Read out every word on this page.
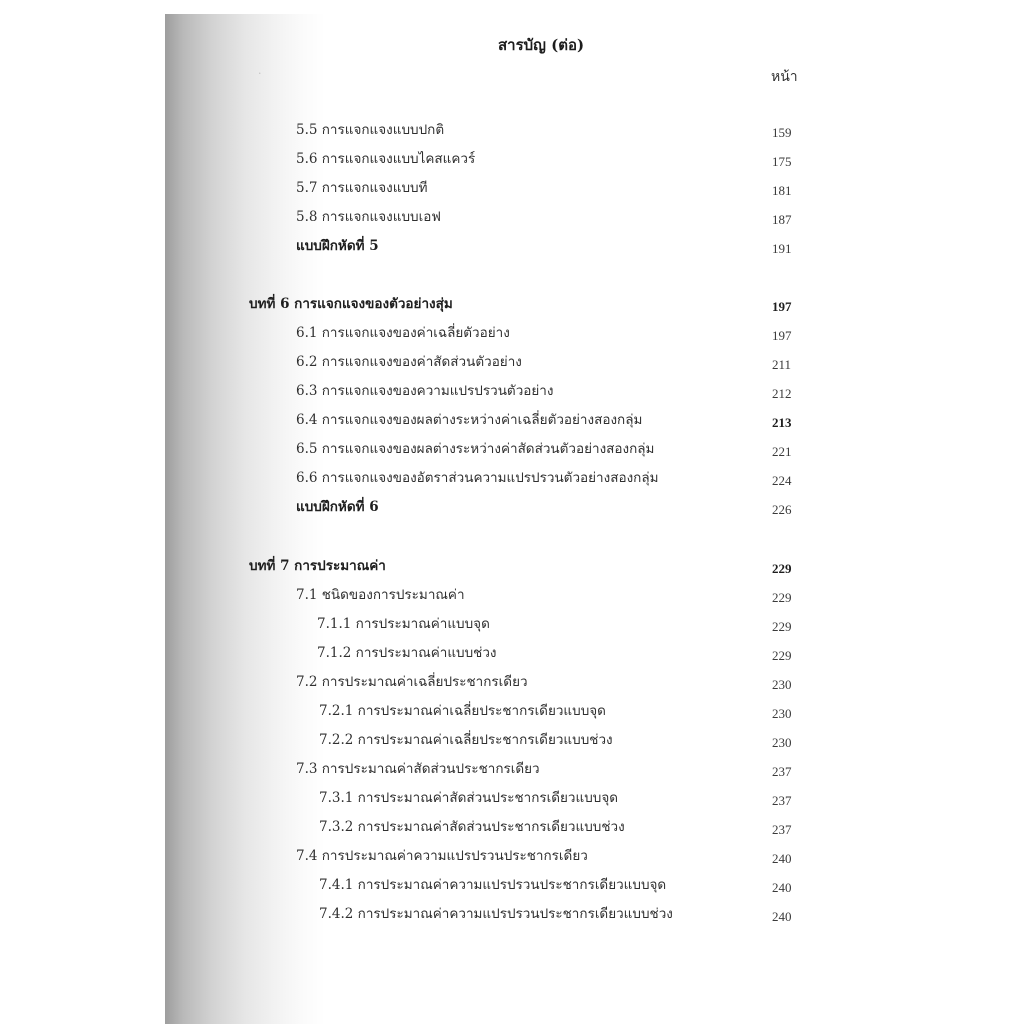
·
สารบัญ (ต่อ)
หน้า
5.5 การแจกแจงแบบปกติ	159
5.6 การแจกแจงแบบไคสแควร์	175
5.7 การแจกแจงแบบที	181
5.8 การแจกแจงแบบเอฟ	187
แบบฝึกหัดที่ 5	191
บทที่ 6 การแจกแจงของตัวอย่างสุ่ม	197
6.1 การแจกแจงของค่าเฉลี่ยตัวอย่าง	197
6.2 การแจกแจงของค่าสัดส่วนตัวอย่าง	211
6.3 การแจกแจงของความแปรปรวนตัวอย่าง	212
6.4 การแจกแจงของผลต่างระหว่างค่าเฉลี่ยตัวอย่างสองกลุ่ม	213
6.5 การแจกแจงของผลต่างระหว่างค่าสัดส่วนตัวอย่างสองกลุ่ม	221
6.6 การแจกแจงของอัตราส่วนความแปรปรวนตัวอย่างสองกลุ่ม	224
แบบฝึกหัดที่ 6	226
บทที่ 7 การประมาณค่า	229
7.1 ชนิดของการประมาณค่า	229
7.1.1 การประมาณค่าแบบจุด	229
7.1.2 การประมาณค่าแบบช่วง	229
7.2 การประมาณค่าเฉลี่ยประชากรเดียว	230
7.2.1 การประมาณค่าเฉลี่ยประชากรเดียวแบบจุด	230
7.2.2 การประมาณค่าเฉลี่ยประชากรเดียวแบบช่วง	230
7.3 การประมาณค่าสัดส่วนประชากรเดียว	237
7.3.1 การประมาณค่าสัดส่วนประชากรเดียวแบบจุด	237
7.3.2 การประมาณค่าสัดส่วนประชากรเดียวแบบช่วง	237
7.4 การประมาณค่าความแปรปรวนประชากรเดียว	240
7.4.1 การประมาณค่าความแปรปรวนประชากรเดียวแบบจุด	240
7.4.2 การประมาณค่าความแปรปรวนประชากรเดียวแบบช่วง	240
